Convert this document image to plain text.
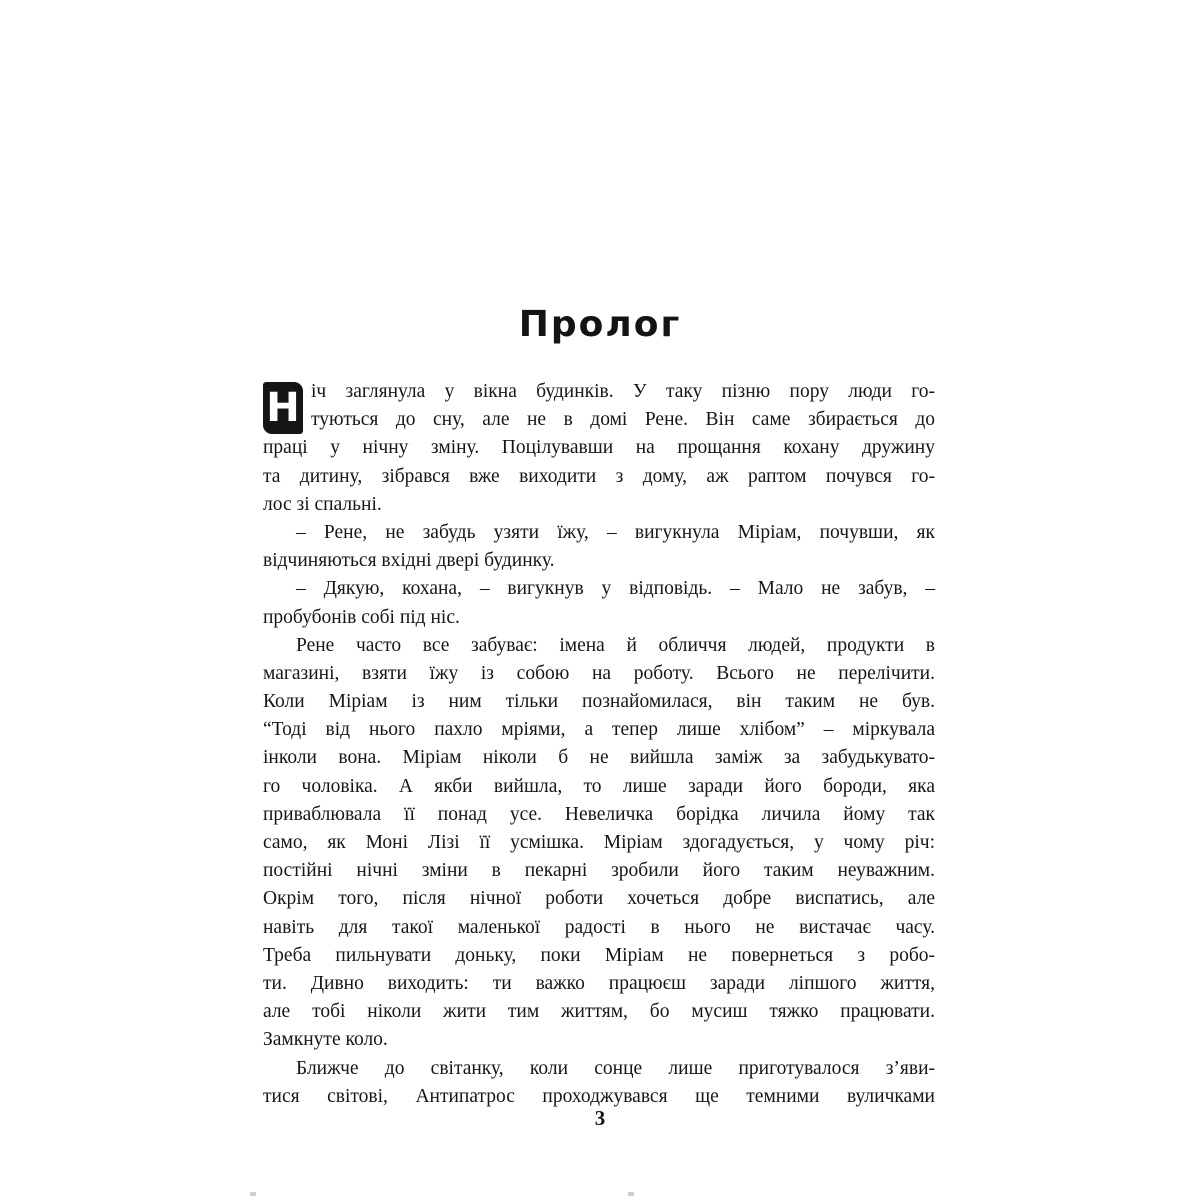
Пролог
Н іч заглянула у вікна будинків. У таку пізню пору люди го-
туються до сну, але не в домі Рене. Він саме збирається до
праці у нічну зміну. Поцілувавши на прощання кохану дружину
та дитину, зібрався вже виходити з дому, аж раптом почувся го-
лос зі спальні.
– Рене, не забудь узяти їжу, – вигукнула Міріам, почувши, як
відчиняються вхідні двері будинку.
– Дякую, кохана, – вигукнув у відповідь. – Мало не забув, –
пробубонів собі під ніс.
Рене часто все забуває: імена й обличчя людей, продукти в
магазині, взяти їжу із собою на роботу. Всього не перелічити.
Коли Міріам із ним тільки познайомилася, він таким не був.
“Тоді від нього пахло мріями, а тепер лише хлібом” – міркувала
інколи вона. Міріам ніколи б не вийшла заміж за забудькувато-
го чоловіка. А якби вийшла, то лише заради його бороди, яка
приваблювала її понад усе. Невеличка борідка личила йому так
само, як Моні Лізі її усмішка. Міріам здогадується, у чому річ:
постійні нічні зміни в пекарні зробили його таким неуважним.
Окрім того, після нічної роботи хочеться добре виспатись, але
навіть для такої маленької радості в нього не вистачає часу.
Треба пильнувати доньку, поки Міріам не повернеться з робо-
ти. Дивно виходить: ти важко працюєш заради ліпшого життя,
але тобі ніколи жити тим життям, бо мусиш тяжко працювати.
Замкнуте коло.
Ближче до світанку, коли сонце лише приготувалося з’яви-
тися світові, Антипатрос проходжувався ще темними вуличками
3
